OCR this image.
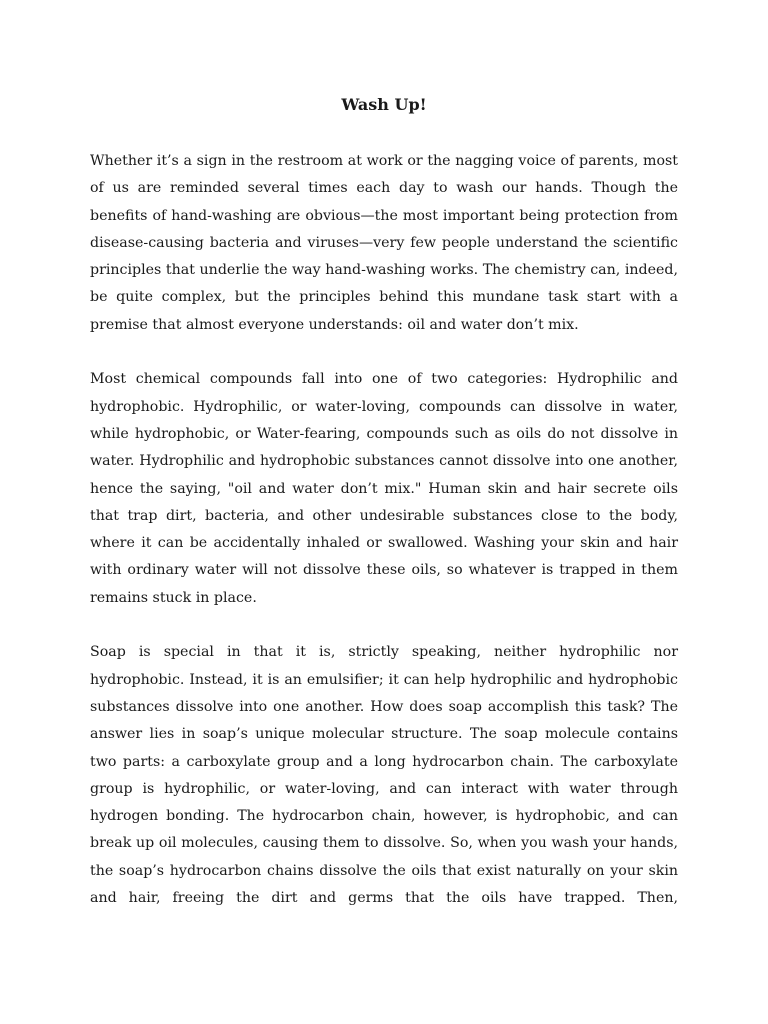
Wash Up!

Whether it’s a sign in the restroom at work or the nagging voice of parents, most of us are reminded several times each day to wash our hands. Though the benefits of hand-washing are obvious—the most important being protection from disease-causing bacteria and viruses—very few people understand the scientific principles that underlie the way hand-washing works. The chemistry can, indeed, be quite complex, but the principles behind this mundane task start with a premise that almost everyone understands: oil and water don’t mix.

Most chemical compounds fall into one of two categories: Hydrophilic and hydrophobic. Hydrophilic, or water-loving, compounds can dissolve in water, while hydrophobic, or Water-fearing, compounds such as oils do not dissolve in water. Hydrophilic and hydrophobic substances cannot dissolve into one another, hence the saying, "oil and water don’t mix." Human skin and hair secrete oils that trap dirt, bacteria, and other undesirable substances close to the body, where it can be accidentally inhaled or swallowed. Washing your skin and hair with ordinary water will not dissolve these oils, so whatever is trapped in them remains stuck in place.

Soap is special in that it is, strictly speaking, neither hydrophilic nor hydrophobic. Instead, it is an emulsifier; it can help hydrophilic and hydrophobic substances dissolve into one another. How does soap accomplish this task? The answer lies in soap’s unique molecular structure. The soap molecule contains two parts: a carboxylate group and a long hydrocarbon chain. The carboxylate group is hydrophilic, or water-loving, and can interact with water through hydrogen bonding. The hydrocarbon chain, however, is hydrophobic, and can break up oil molecules, causing them to dissolve. So, when you wash your hands, the soap’s hydrocarbon chains dissolve the oils that exist naturally on your skin and hair, freeing the dirt and germs that the oils have trapped. Then,
